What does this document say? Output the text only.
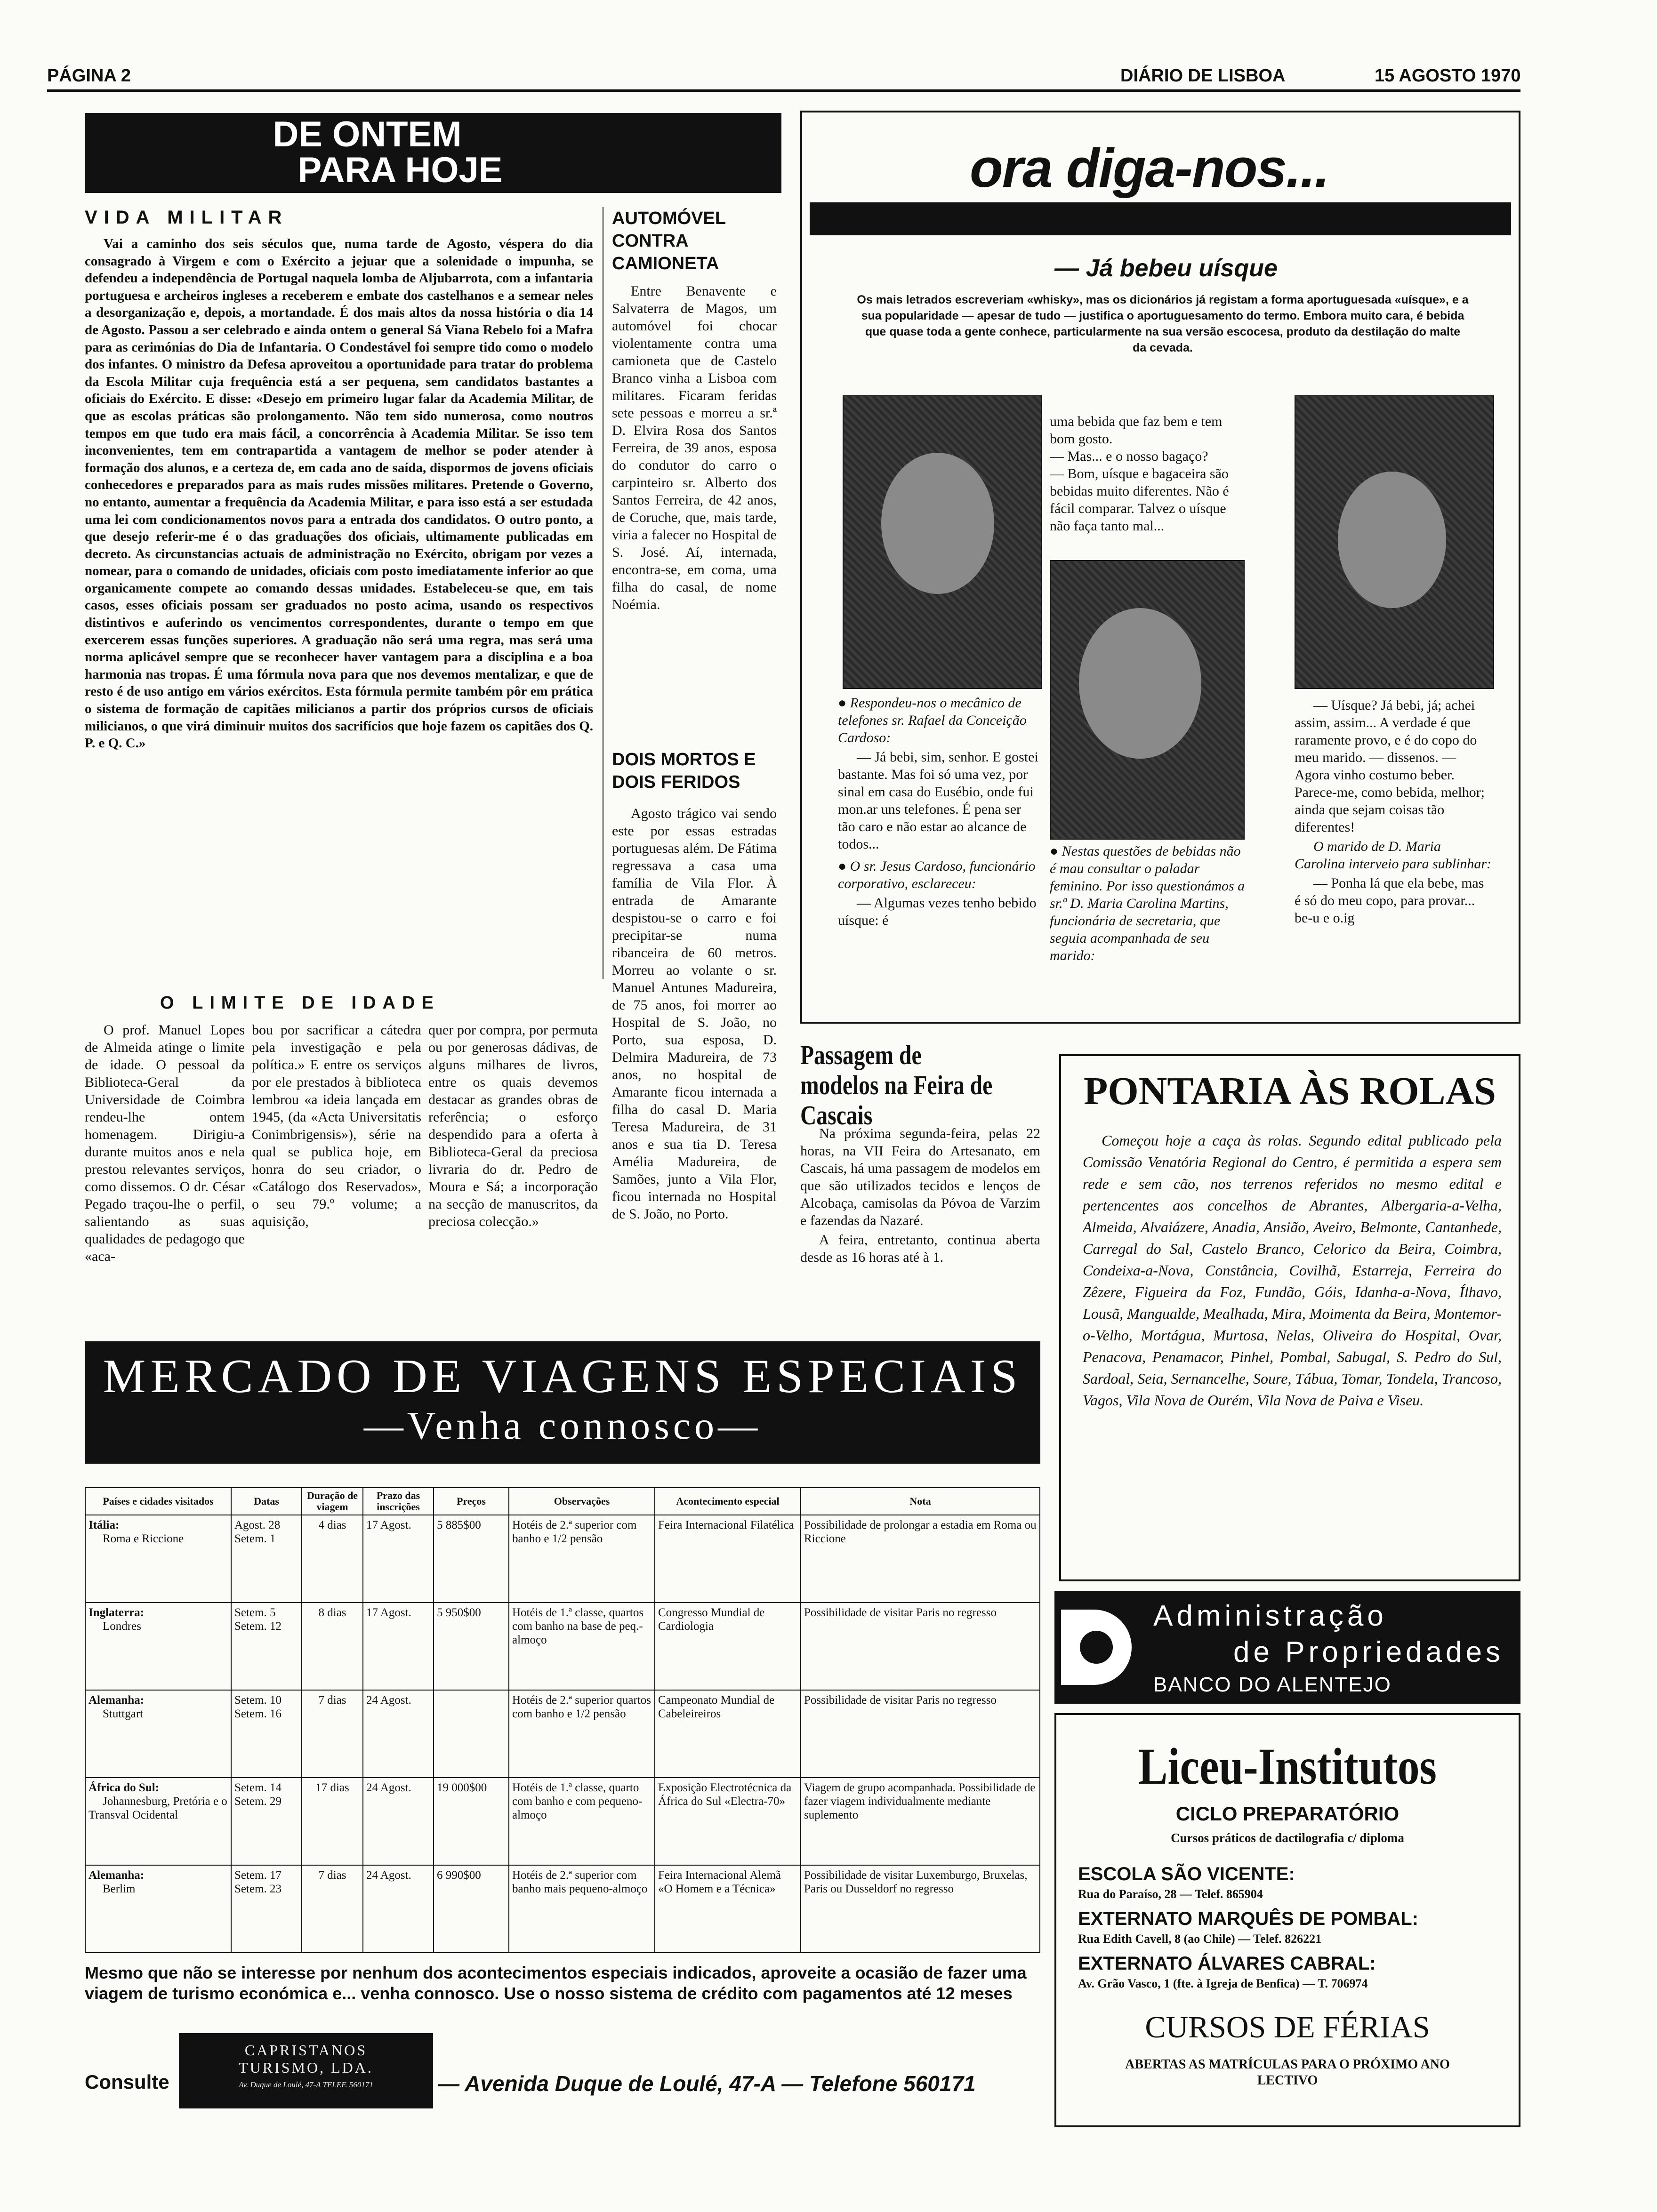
PÁGINA 2	DIÁRIO DE LISBOA	15 AGOSTO 1970
DE ONTEM
PARA HOJE
VIDA MILITAR

Vai a caminho dos seis séculos que, numa tarde de Agosto, véspera do dia consagrado à Virgem e com o Exército a jejuar que a solenidade o impunha, se defendeu a independência de Portugal naquela lomba de Aljubarrota, com a infantaria portuguesa e archeiros ingleses a receberem e embate dos castelhanos e a semear neles a desorganização e, depois, a mortandade. É dos mais altos da nossa história o dia 14 de Agosto. Passou a ser celebrado e ainda ontem o general Sá Viana Rebelo foi a Mafra para as cerimónias do Dia de Infantaria. O Condestável foi sempre tido como o modelo dos infantes. O ministro da Defesa aproveitou a oportunidade para tratar do problema da Escola Militar cuja frequência está a ser pequena, sem candidatos bastantes a oficiais do Exército. E disse: «Desejo em primeiro lugar falar da Academia Militar, de que as escolas práticas são prolongamento. Não tem sido numerosa, como noutros tempos em que tudo era mais fácil, a concorrência à Academia Militar. Se isso tem inconvenientes, tem em contrapartida a vantagem de melhor se poder atender à formação dos alunos, e a certeza de, em cada ano de saída, dispormos de jovens oficiais conhecedores e preparados para as mais rudes missões militares. Pretende o Governo, no entanto, aumentar a frequência da Academia Militar, e para isso está a ser estudada uma lei com condicionamentos novos para a entrada dos candidatos. O outro ponto, a que desejo referir-me é o das graduações dos oficiais, ultimamente publicadas em decreto. As circunstancias actuais de administração no Exército, obrigam por vezes a nomear, para o comando de unidades, oficiais com posto imediatamente inferior ao que organicamente compete ao comando dessas unidades. Estabeleceu-se que, em tais casos, esses oficiais possam ser graduados no posto acima, usando os respectivos distintivos e auferindo os vencimentos correspondentes, durante o tempo em que exercerem essas funções superiores. A graduação não será uma regra, mas será uma norma aplicável sempre que se reconhecer haver vantagem para a disciplina e a boa harmonia nas tropas. É uma fórmula nova para que nos devemos mentalizar, e que de resto é de uso antigo em vários exércitos. Esta fórmula permite também pôr em prática o sistema de formação de capitães milicianos a partir dos próprios cursos de oficiais milicianos, o que virá diminuir muitos dos sacrifícios que hoje fazem os capitães dos Q. P. e Q. C.»

AUTOMÓVEL CONTRA CAMIONETA

Entre Benavente e Salvaterra de Magos, um automóvel foi chocar violentamente contra uma camioneta que de Castelo Branco vinha a Lisboa com militares. Ficaram feridas sete pessoas e morreu a sr.ª D. Elvira Rosa dos Santos Ferreira, de 39 anos, esposa do condutor do carro o carpinteiro sr. Alberto dos Santos Ferreira, de 42 anos, de Coruche, que, mais tarde, viria a falecer no Hospital de S. José. Aí, internada, encontra-se, em coma, uma filha do casal, de nome Noémia.

DOIS MORTOS E DOIS FERIDOS

Agosto trágico vai sendo este por essas estradas portuguesas além. De Fátima regressava a casa uma família de Vila Flor. À entrada de Amarante despistou-se o carro e foi precipitar-se numa ribanceira de 60 metros. Morreu ao volante o sr. Manuel Antunes Madureira, de 75 anos, foi morrer ao Hospital de S. João, no Porto, sua esposa, D. Delmira Madureira, de 73 anos, no hospital de Amarante ficou internada a filha do casal D. Maria Teresa Madureira, de 31 anos e sua tia D. Teresa Amélia Madureira, de Samões, junto a Vila Flor, ficou internada no Hospital de S. João, no Porto.

O LIMITE DE IDADE

O prof. Manuel Lopes de Almeida atinge o limite de idade. O pessoal da Biblioteca-Geral da Universidade de Coimbra rendeu-lhe ontem homenagem. Dirigiu-a durante muitos anos e nela prestou relevantes serviços, como dissemos. O dr. César Pegado traçou-lhe o perfil, salientando as suas qualidades de pedagogo que «aca-

bou por sacrificar a cátedra pela investigação e pela política.» E entre os serviços por ele prestados à biblioteca lembrou «a ideia lançada em 1945, (da «Acta Universitatis Conimbrigensis»), série na qual se publica hoje, em honra do seu criador, o «Catálogo dos Reservados», o seu 79.º volume; a aquisição,

quer por compra, por permuta ou por generosas dádivas, de alguns milhares de livros, entre os quais devemos destacar as grandes obras de referência; o esforço despendido para a oferta à Biblioteca-Geral da preciosa livraria do dr. Pedro de Moura e Sá; a incorporação na secção de manuscritos, da preciosa colecção.»

ora diga-nos...
— Já bebeu uísque
Os mais letrados escreveriam «whisky», mas os dicionários já registam a forma aportuguesada «uísque», e a sua popularidade — apesar de tudo — justifica o aportuguesamento do termo. Embora muito cara, é bebida que quase toda a gente conhece, particularmente na sua versão escocesa, produto da destilação do malte da cevada.

uma bebida que faz bem e tem bom gosto.
— Mas... e o nosso bagaço?
— Bom, uísque e bagaceira são bebidas muito diferentes. Não é fácil comparar. Talvez o uísque não faça tanto mal...

● Respondeu-nos o mecânico de telefones sr. Rafael da Conceição Cardoso:

— Já bebi, sim, senhor. E gostei bastante. Mas foi só uma vez, por sinal em casa do Eusébio, onde fui mon.ar uns telefones. É pena ser tão caro e não estar ao alcance de todos...

● O sr. Jesus Cardoso, funcionário corporativo, esclareceu:

— Algumas vezes tenho bebido uísque: é

● Nestas questões de bebidas não é mau consultar o paladar feminino. Por isso questionámos a sr.ª D. Maria Carolina Martins, funcionária de secretaria, que seguia acompanhada de seu marido:

— Uísque? Já bebi, já; achei assim, assim... A verdade é que raramente provo, e é do copo do meu marido. — dissenos. — Agora vinho costumo beber. Parece-me, como bebida, melhor; ainda que sejam coisas tão diferentes!

O marido de D. Maria Carolina interveio para sublinhar:

— Ponha lá que ela bebe, mas é só do meu copo, para provar... be-u e o.ig

Passagem de modelos na Feira de Cascais

Na próxima segunda-feira, pelas 22 horas, na VII Feira do Artesanato, em Cascais, há uma passagem de modelos em que são utilizados tecidos e lenços de Alcobaça, camisolas da Póvoa de Varzim e fazendas da Nazaré.

A feira, entretanto, continua aberta desde as 16 horas até à 1.

PONTARIA ÀS ROLAS

Começou hoje a caça às rolas. Segundo edital publicado pela Comissão Venatória Regional do Centro, é permitida a espera sem rede e sem cão, nos terrenos referidos no mesmo edital e pertencentes aos concelhos de Abrantes, Albergaria-a-Velha, Almeida, Alvaiázere, Anadia, Ansião, Aveiro, Belmonte, Cantanhede, Carregal do Sal, Castelo Branco, Celorico da Beira, Coimbra, Condeixa-a-Nova, Constância, Covilhã, Estarreja, Ferreira do Zêzere, Figueira da Foz, Fundão, Góis, Idanha-a-Nova, Ílhavo, Lousã, Mangualde, Mealhada, Mira, Moimenta da Beira, Montemor-o-Velho, Mortágua, Murtosa, Nelas, Oliveira do Hospital, Ovar, Penacova, Penamacor, Pinhel, Pombal, Sabugal, S. Pedro do Sul, Sardoal, Seia, Sernancelhe, Soure, Tábua, Tomar, Tondela, Trancoso, Vagos, Vila Nova de Ourém, Vila Nova de Paiva e Viseu.

MERCADO DE VIAGENS ESPECIAIS
—Venha connosco—
Países e cidades visitados	Datas	Duração de viagem	Prazo das inscrições	Preços	Observações	Acontecimento especial	Nota
Itália:
Roma e Riccione	Agost. 28 Setem. 1	4 dias	17 Agost.	5 885$00	Hotéis de 2.ª superior com banho e 1/2 pensão	Feira Internacional Filatélica	Possibilidade de prolongar a estadia em Roma ou Riccione
Inglaterra:
Londres	Setem. 5 Setem. 12	8 dias	17 Agost.	5 950$00	Hotéis de 1.ª classe, quartos com banho na base de peq.-almoço	Congresso Mundial de Cardiologia	Possibilidade de visitar Paris no regresso
Alemanha:
Stuttgart	Setem. 10 Setem. 16	7 dias	24 Agost.		Hotéis de 2.ª superior quartos com banho e 1/2 pensão	Campeonato Mundial de Cabeleireiros	Possibilidade de visitar Paris no regresso
África do Sul:
Johannesburg, Pretória e o Transval Ocidental	Setem. 14 Setem. 29	17 dias	24 Agost.	19 000$00	Hotéis de 1.ª classe, quarto com banho e com pequeno-almoço	Exposição Electrotécnica da África do Sul «Electra-70»	Viagem de grupo acompanhada. Possibilidade de fazer viagem individualmente mediante suplemento
Alemanha:
Berlim	Setem. 17 Setem. 23	7 dias	24 Agost.	6 990$00	Hotéis de 2.ª superior com banho mais pequeno-almoço	Feira Internacional Alemã «O Homem e a Técnica»	Possibilidade de visitar Luxemburgo, Bruxelas, Paris ou Dusseldorf no regresso
Mesmo que não se interesse por nenhum dos acontecimentos especiais indicados, aproveite a ocasião de fazer uma viagem de turismo económica e... venha connosco. Use o nosso sistema de crédito com pagamentos até 12 meses
Consulte
CAPRISTANOS
TURISMO, LDA.
Av. Duque de Loulé, 47-A TELEF. 560171	— Avenida Duque de Loulé, 47-A — Telefone 560171
Administração
de Propriedades
BANCO DO ALENTEJO
Liceu-Institutos
CICLO PREPARATÓRIO
Cursos práticos de dactilografia c/ diploma
ESCOLA SÃO VICENTE:
Rua do Paraíso, 28 — Telef. 865904
EXTERNATO MARQUÊS DE POMBAL:
Rua Edith Cavell, 8 (ao Chile) — Telef. 826221
EXTERNATO ÁLVARES CABRAL:
Av. Grão Vasco, 1 (fte. à Igreja de Benfica) — T. 706974
CURSOS DE FÉRIAS
ABERTAS AS MATRÍCULAS PARA O PRÓXIMO ANO LECTIVO
